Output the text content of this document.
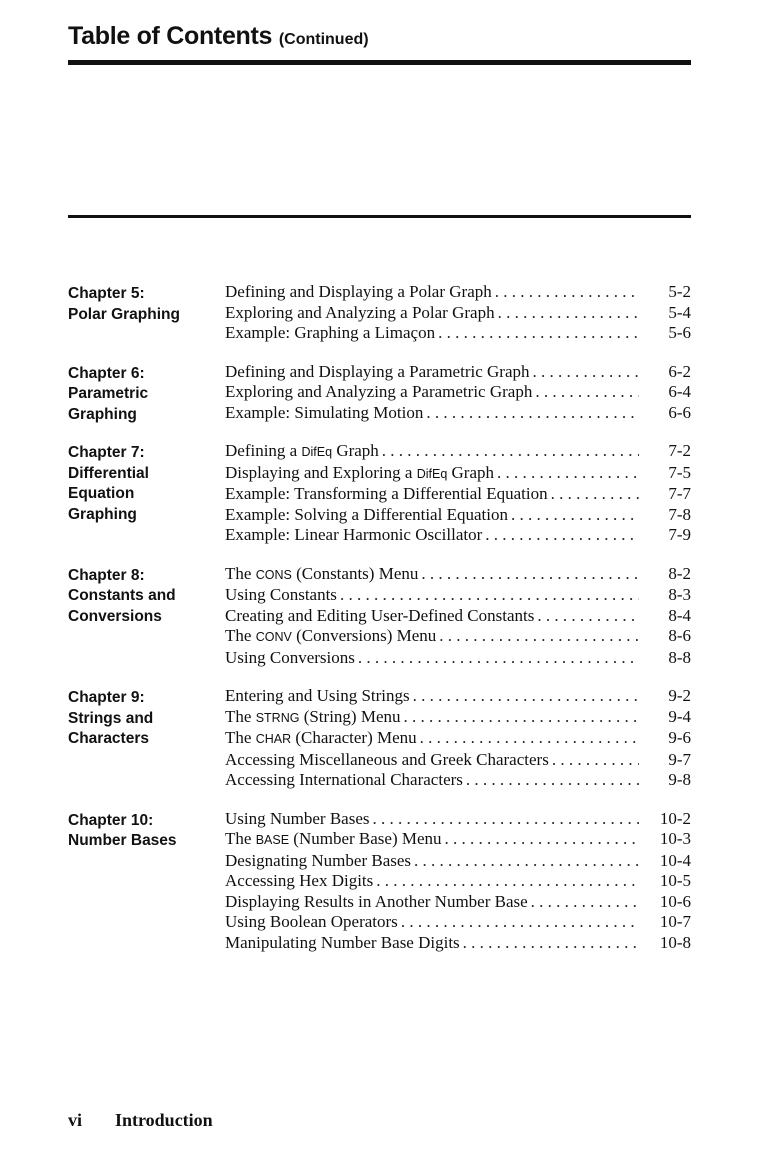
Table of Contents (Continued)
Chapter 5:
Polar Graphing
Defining and Displaying a Polar Graph . . .	5-2
Exploring and Analyzing a Polar Graph . . .	5-4
Example: Graphing a Limaçon . . .	5-6
Chapter 6:
Parametric
Graphing
Defining and Displaying a Parametric Graph . . .	6-2
Exploring and Analyzing a Parametric Graph . . .	6-4
Example: Simulating Motion . . .	6-6
Chapter 7:
Differential
Equation
Graphing
Defining a DifEq Graph . . .	7-2
Displaying and Exploring a DifEq Graph . . .	7-5
Example: Transforming a Differential Equation . . .	7-7
Example: Solving a Differential Equation . . .	7-8
Example: Linear Harmonic Oscillator . . .	7-9
Chapter 8:
Constants and
Conversions
The CONS (Constants) Menu . . .	8-2
Using Constants . . .	8-3
Creating and Editing User-Defined Constants . . .	8-4
The CONV (Conversions) Menu . . .	8-6
Using Conversions . . .	8-8
Chapter 9:
Strings and
Characters
Entering and Using Strings . . .	9-2
The STRNG (String) Menu . . .	9-4
The CHAR (Character) Menu . . .	9-6
Accessing Miscellaneous and Greek Characters . . .	9-7
Accessing International Characters . . .	9-8
Chapter 10:
Number Bases
Using Number Bases . . .	10-2
The BASE (Number Base) Menu . . .	10-3
Designating Number Bases . . .	10-4
Accessing Hex Digits . . .	10-5
Displaying Results in Another Number Base . . .	10-6
Using Boolean Operators . . .	10-7
Manipulating Number Base Digits . . .	10-8
vi Introduction
